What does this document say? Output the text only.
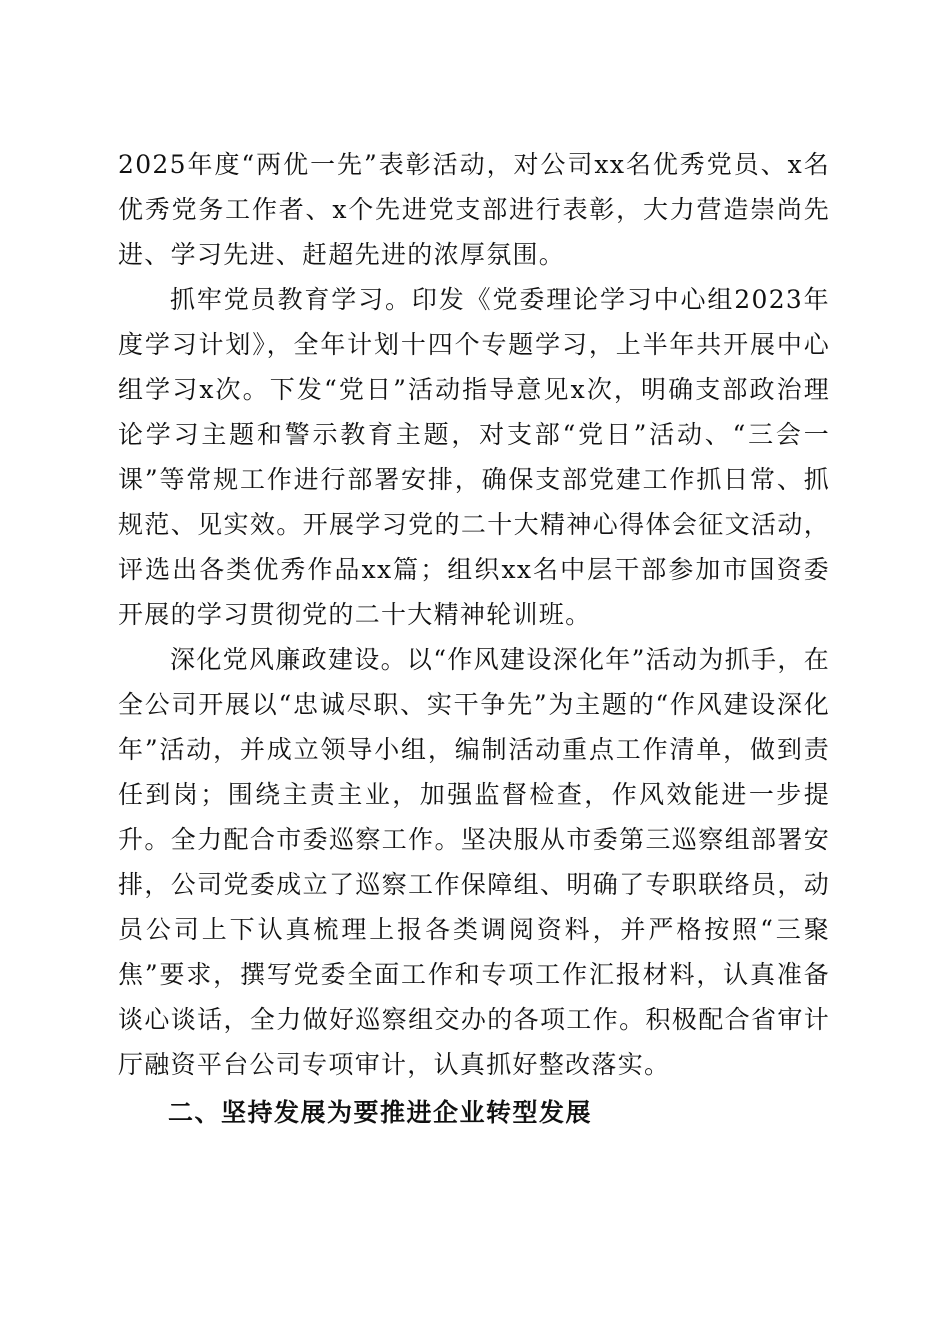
2025年度“两优一先”表彰活动，对公司xx名优秀党员、x名优秀党务工作者、x个先进党支部进行表彰，大力营造崇尚先进、学习先进、赶超先进的浓厚氛围。

抓牢党员教育学习。印发《党委理论学习中心组2023年度学习计划》，全年计划十四个专题学习，上半年共开展中心组学习x次。下发“党日”活动指导意见x次，明确支部政治理论学习主题和警示教育主题，对支部“党日”活动、“三会一课”等常规工作进行部署安排，确保支部党建工作抓日常、抓规范、见实效。开展学习党的二十大精神心得体会征文活动，评选出各类优秀作品xx篇；组织xx名中层干部参加市国资委开展的学习贯彻党的二十大精神轮训班。

深化党风廉政建设。以“作风建设深化年”活动为抓手，在全公司开展以“忠诚尽职、实干争先”为主题的“作风建设深化年”活动，并成立领导小组，编制活动重点工作清单，做到责任到岗；围绕主责主业，加强监督检查，作风效能进一步提升。全力配合市委巡察工作。坚决服从市委第三巡察组部署安排，公司党委成立了巡察工作保障组、明确了专职联络员，动员公司上下认真梳理上报各类调阅资料，并严格按照“三聚焦”要求，撰写党委全面工作和专项工作汇报材料，认真准备谈心谈话，全力做好巡察组交办的各项工作。积极配合省审计厅融资平台公司专项审计，认真抓好整改落实。

二、坚持发展为要推进企业转型发展
